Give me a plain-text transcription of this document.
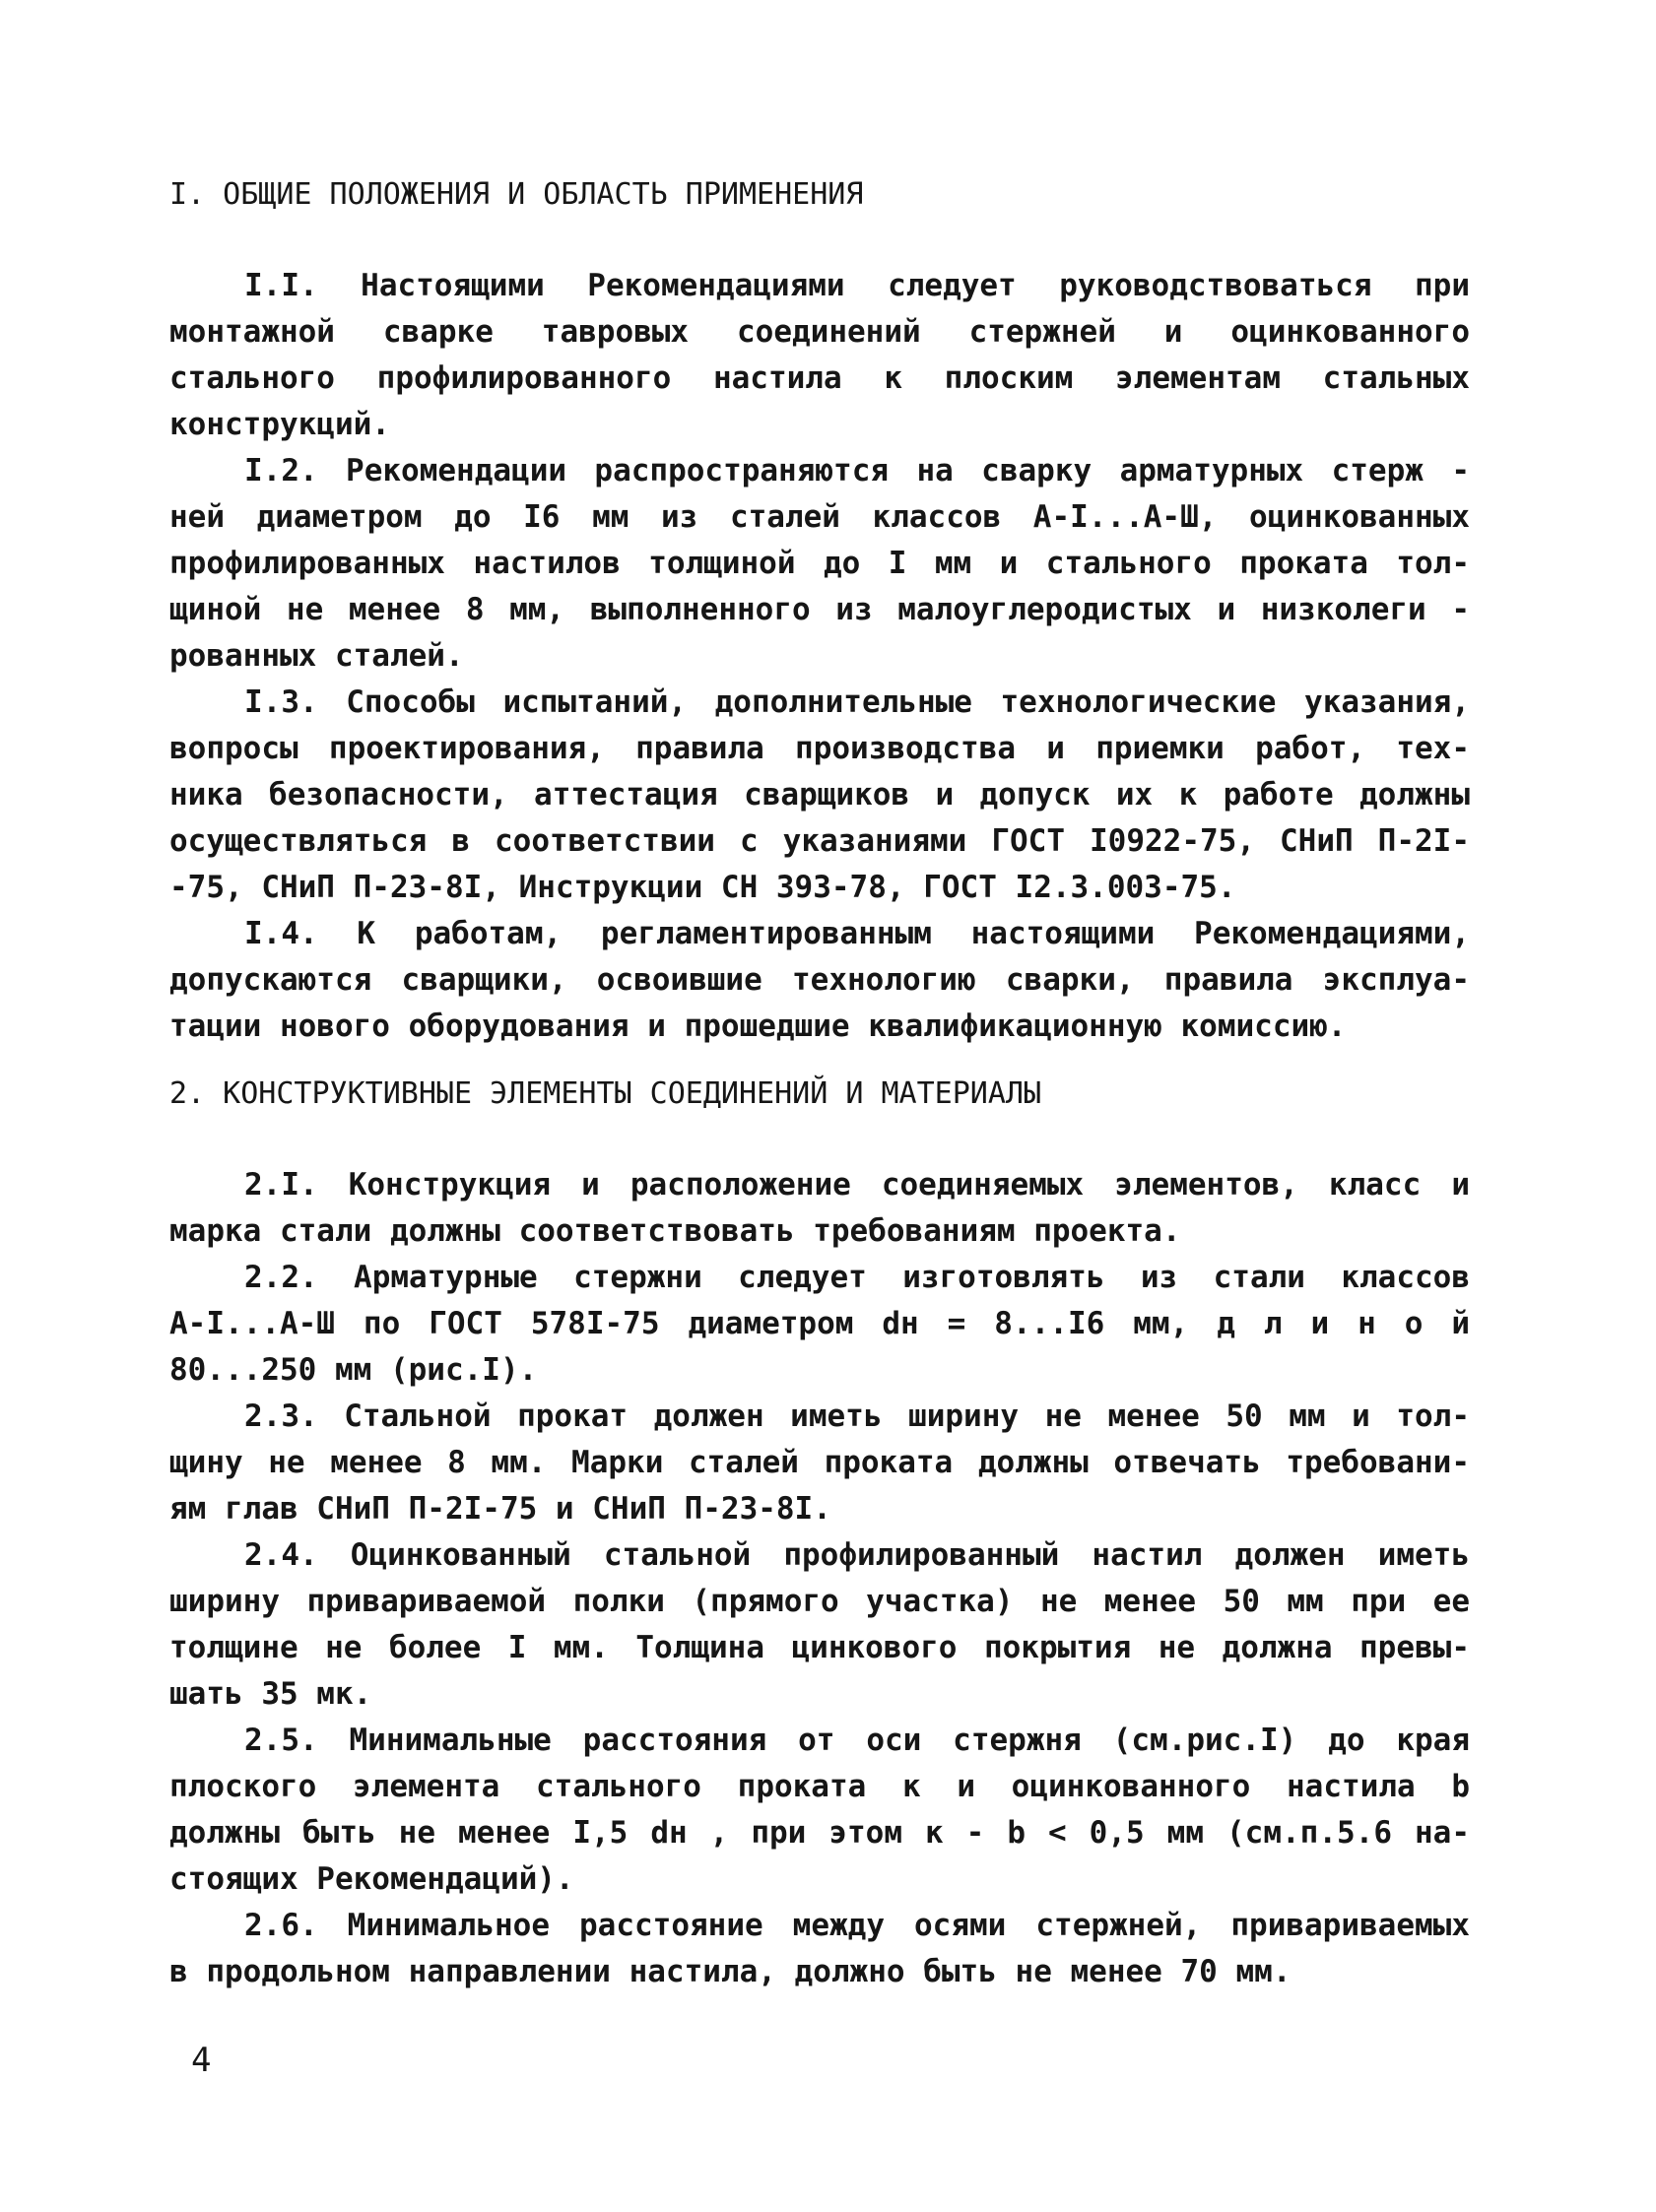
I. ОБЩИЕ ПОЛОЖЕНИЯ И ОБЛАСТЬ ПРИМЕНЕНИЯ
I.I. Настоящими Рекомендациями следует руководствоваться при
монтажной сварке тавровых соединений стержней и оцинкованного
стального профилированного настила к плоским элементам стальных
конструкций.
I.2. Рекомендации распространяются на сварку арматурных стерж -
ней диаметром до I6 мм из сталей классов А-I...А-Ш, оцинкованных
профилированных настилов толщиной до I мм и стального проката тол-
щиной не менее 8 мм, выполненного из малоуглеродистых и низколеги -
рованных сталей.
I.3. Способы испытаний, дополнительные технологические указания,
вопросы проектирования, правила производства и приемки работ, тех-
ника безопасности, аттестация сварщиков и допуск их к работе должны
осуществляться в соответствии с указаниями ГОСТ I0922-75, СНиП П-2I-
-75, СНиП П-23-8I, Инструкции СН 393-78, ГОСТ I2.3.003-75.
I.4. К работам, регламентированным настоящими Рекомендациями,
допускаются сварщики, освоившие технологию сварки, правила эксплуа-
тации нового оборудования и прошедшие квалификационную комиссию.
2. КОНСТРУКТИВНЫЕ ЭЛЕМЕНТЫ СОЕДИНЕНИЙ И МАТЕРИАЛЫ
2.I. Конструкция и расположение соединяемых элементов, класс и
марка стали должны соответствовать требованиям проекта.
2.2. Арматурные стержни следует изготовлять из стали классов
А-I...А-Ш по ГОСТ 578I-75 диаметром dн = 8...I6 мм, д л и н о й
80...250 мм (рис.I).
2.3. Стальной прокат должен иметь ширину не менее 50 мм и тол-
щину не менее 8 мм. Марки сталей проката должны отвечать требовани-
ям глав СНиП П-2I-75 и СНиП П-23-8I.
2.4. Оцинкованный стальной профилированный настил должен иметь
ширину привариваемой полки (прямого участка) не менее 50 мм при ее
толщине не более I мм. Толщина цинкового покрытия не должна превы-
шать 35 мк.
2.5. Минимальные расстояния от оси стержня (см.рис.I) до края
плоского элемента стального проката к и оцинкованного настила b
должны быть не менее I,5 dн , при этом к - b < 0,5 мм (см.п.5.6 на-
стоящих Рекомендаций).
2.6. Минимальное расстояние между осями стержней, привариваемых
в продольном направлении настила, должно быть не менее 70 мм.
4
